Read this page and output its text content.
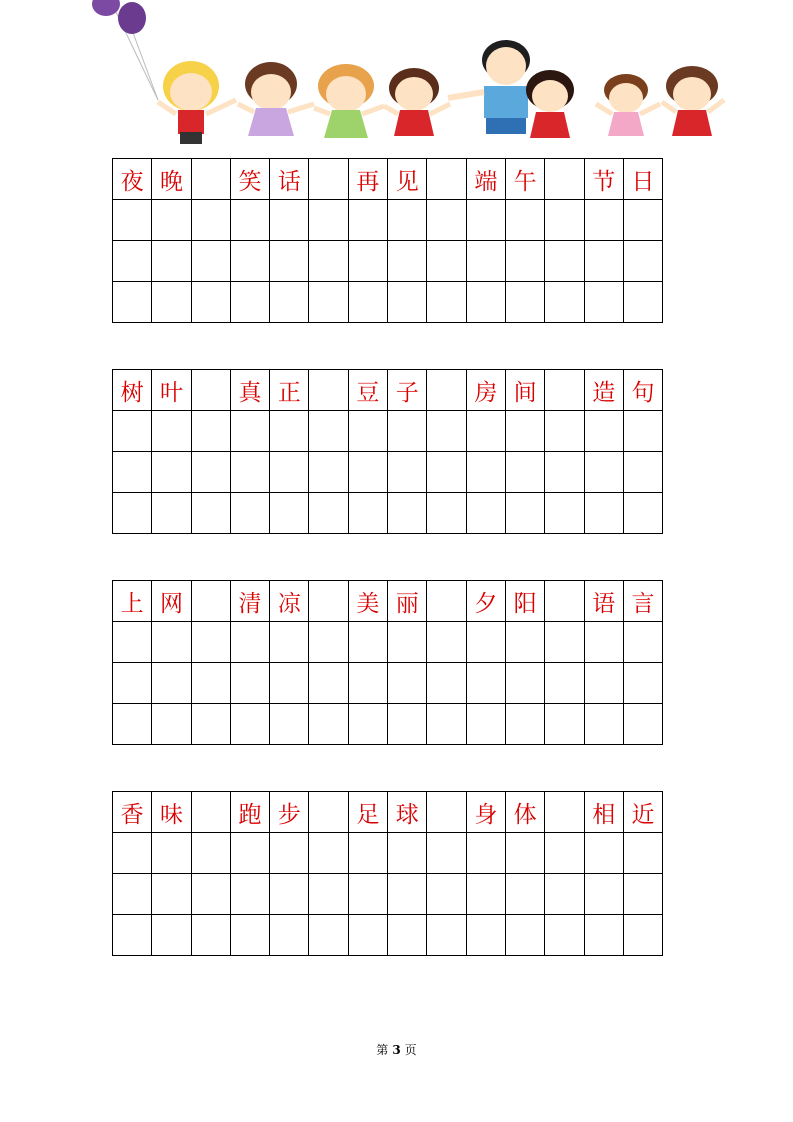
夜	晚		笑	话		再	见		端	午		节	日

树	叶		真	正		豆	子		房	间		造	句

上	网		清	凉		美	丽		夕	阳		语	言

香	味		跑	步		足	球		身	体		相	近

第 3 页
